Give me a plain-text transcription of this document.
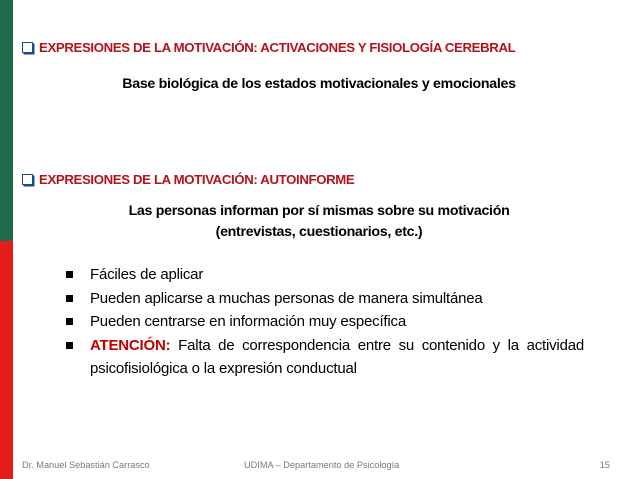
EXPRESIONES DE LA MOTIVACIÓN: ACTIVACIONES Y FISIOLOGÍA CEREBRAL
Base biológica de los estados motivacionales y emocionales
EXPRESIONES DE LA MOTIVACIÓN: AUTOINFORME
Las personas informan por sí mismas sobre su motivación
(entrevistas, cuestionarios, etc.)
Fáciles de aplicar
Pueden aplicarse a muchas personas de manera simultánea
Pueden centrarse en información muy específica
ATENCIÓN: Falta de correspondencia entre su contenido y la actividad psicofisiológica o la expresión conductual
Dr. Manuel Sebastián Carrasco	UDIMA – Departamento de Psicología	15
